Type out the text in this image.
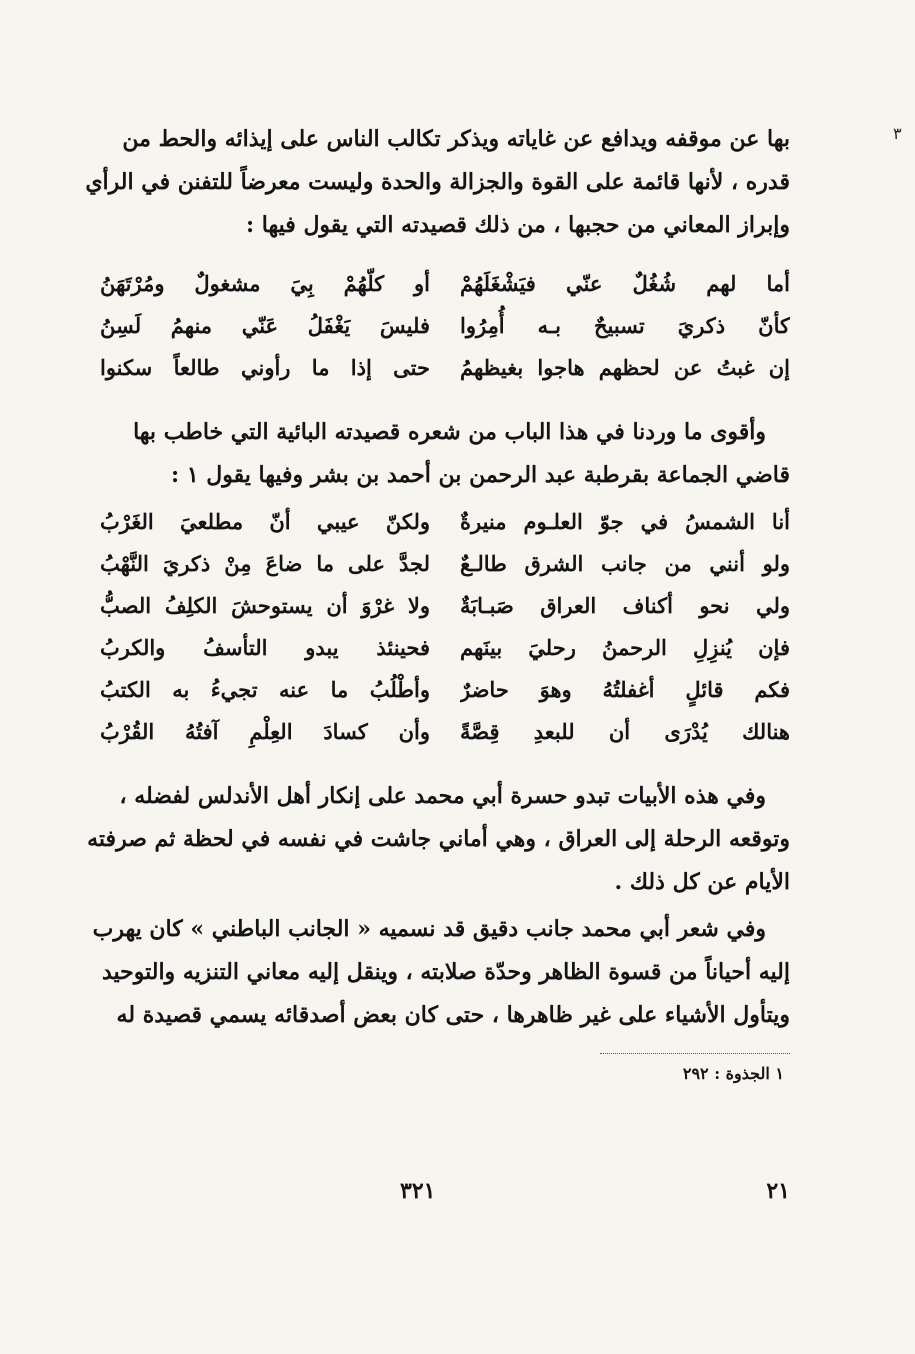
٣
بها عن موقفه ويدافع عن غاياته ويذكر تكالب الناس على إيذائه والحط من
قدره ، لأنها قائمة على القوة والجزالة والحدة وليست معرضاً للتفنن في الرأي
وإبراز المعاني من حجبها ، من ذلك قصيدته التي يقول فيها :
أما لهم شُغُلٌ عنّي فيَشْغَلَهُمْ
أو كلّهُمْ بِيَ مشغولٌ ومُرْتَهَنُ
كأنّ ذكريَ تسبيحٌ بـه أُمِرُوا
فليسَ يَغْفَلُ عَنّي منهمُ لَسِنُ
إن غبتُ عن لحظهم هاجوا بغيظهمُ
حتى إذا ما رأوني طالعاً سكنوا
وأقوى ما وردنا في هذا الباب من شعره قصيدته البائية التي خاطب بها
قاضي الجماعة بقرطبة عبد الرحمن بن أحمد بن بشر وفيها يقول ١ :
أنا الشمسُ في جوّ العلـوم منيرةٌ
ولكنّ عيبي أنّ مطلعيَ الغَرْبُ
ولو أنني من جانب الشرق طالـعٌ
لجدَّ على ما ضاعَ مِنْ ذكريَ النَّهْبُ
ولي نحو أكناف العراق صَبـابَةٌ
ولا غرْوَ أن يستوحشَ الكلِفُ الصبُّ
فإن يُنزِلِ الرحمنُ رحليَ بينَهم
فحينئذ يبدو التأسفُ والكربُ
فكم قائلٍ أغفلتُهُ وهوَ حاضرٌ
وأطْلُبُ ما عنه تجيءُ به الكتبُ
هنالك يُدْرَى أن للبعدِ قِصَّةً
وأن كسادَ العِلْمِ آفتُهُ القُرْبُ
وفي هذه الأبيات تبدو حسرة أبي محمد على إنكار أهل الأندلس لفضله ،
وتوقعه الرحلة إلى العراق ، وهي أماني جاشت في نفسه في لحظة ثم صرفته
الأيام عن كل ذلك .
وفي شعر أبي محمد جانب دقيق قد نسميه « الجانب الباطني » كان يهرب
إليه أحياناً من قسوة الظاهر وحدّة صلابته ، وينقل إليه معاني التنزيه والتوحيد
ويتأول الأشياء على غير ظاهرها ، حتى كان بعض أصدقائه يسمي قصيدة له
١ الجذوة : ٢٩٢
٢١
٣٢١
